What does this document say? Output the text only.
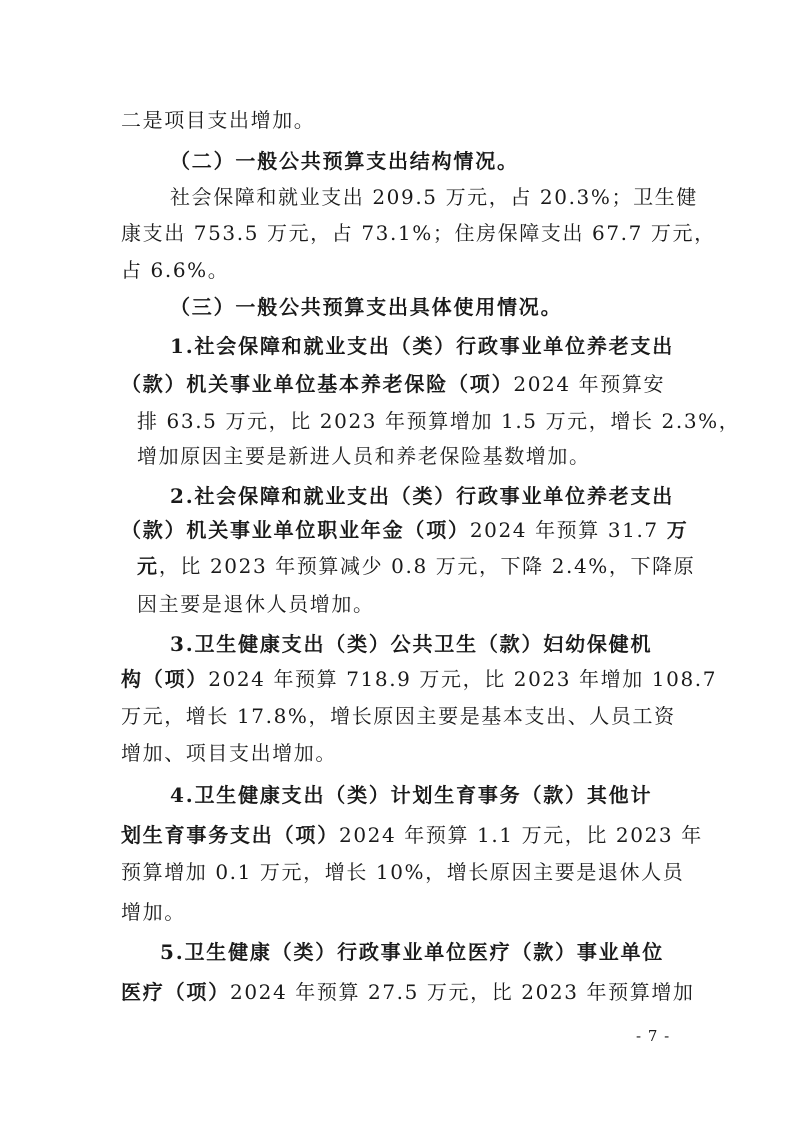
二是项目支出增加。
（二）一般公共预算支出结构情况。
社会保障和就业支出 209.5 万元，占 20.3%；卫生健
康支出 753.5 万元，占 73.1%；住房保障支出 67.7 万元，
占 6.6%。
（三）一般公共预算支出具体使用情况。
1.社会保障和就业支出（类）行政事业单位养老支出
（款）机关事业单位基本养老保险（项）2024 年预算安
排 63.5 万元，比 2023 年预算增加 1.5 万元，增长 2.3%，
增加原因主要是新进人员和养老保险基数增加。
2.社会保障和就业支出（类）行政事业单位养老支出
（款）机关事业单位职业年金（项）2024 年预算 31.7 万
元，比 2023 年预算减少 0.8 万元，下降 2.4%，下降原
因主要是退休人员增加。
3.卫生健康支出（类）公共卫生（款）妇幼保健机
构（项）2024 年预算 718.9 万元，比 2023 年增加 108.7
万元，增长 17.8%，增长原因主要是基本支出、人员工资
增加、项目支出增加。
4.卫生健康支出（类）计划生育事务（款）其他计
划生育事务支出（项）2024 年预算 1.1 万元，比 2023 年
预算增加 0.1 万元，增长 10%，增长原因主要是退休人员
增加。
5.卫生健康（类）行政事业单位医疗（款）事业单位
医疗（项）2024 年预算 27.5 万元，比 2023 年预算增加
- 7 -
